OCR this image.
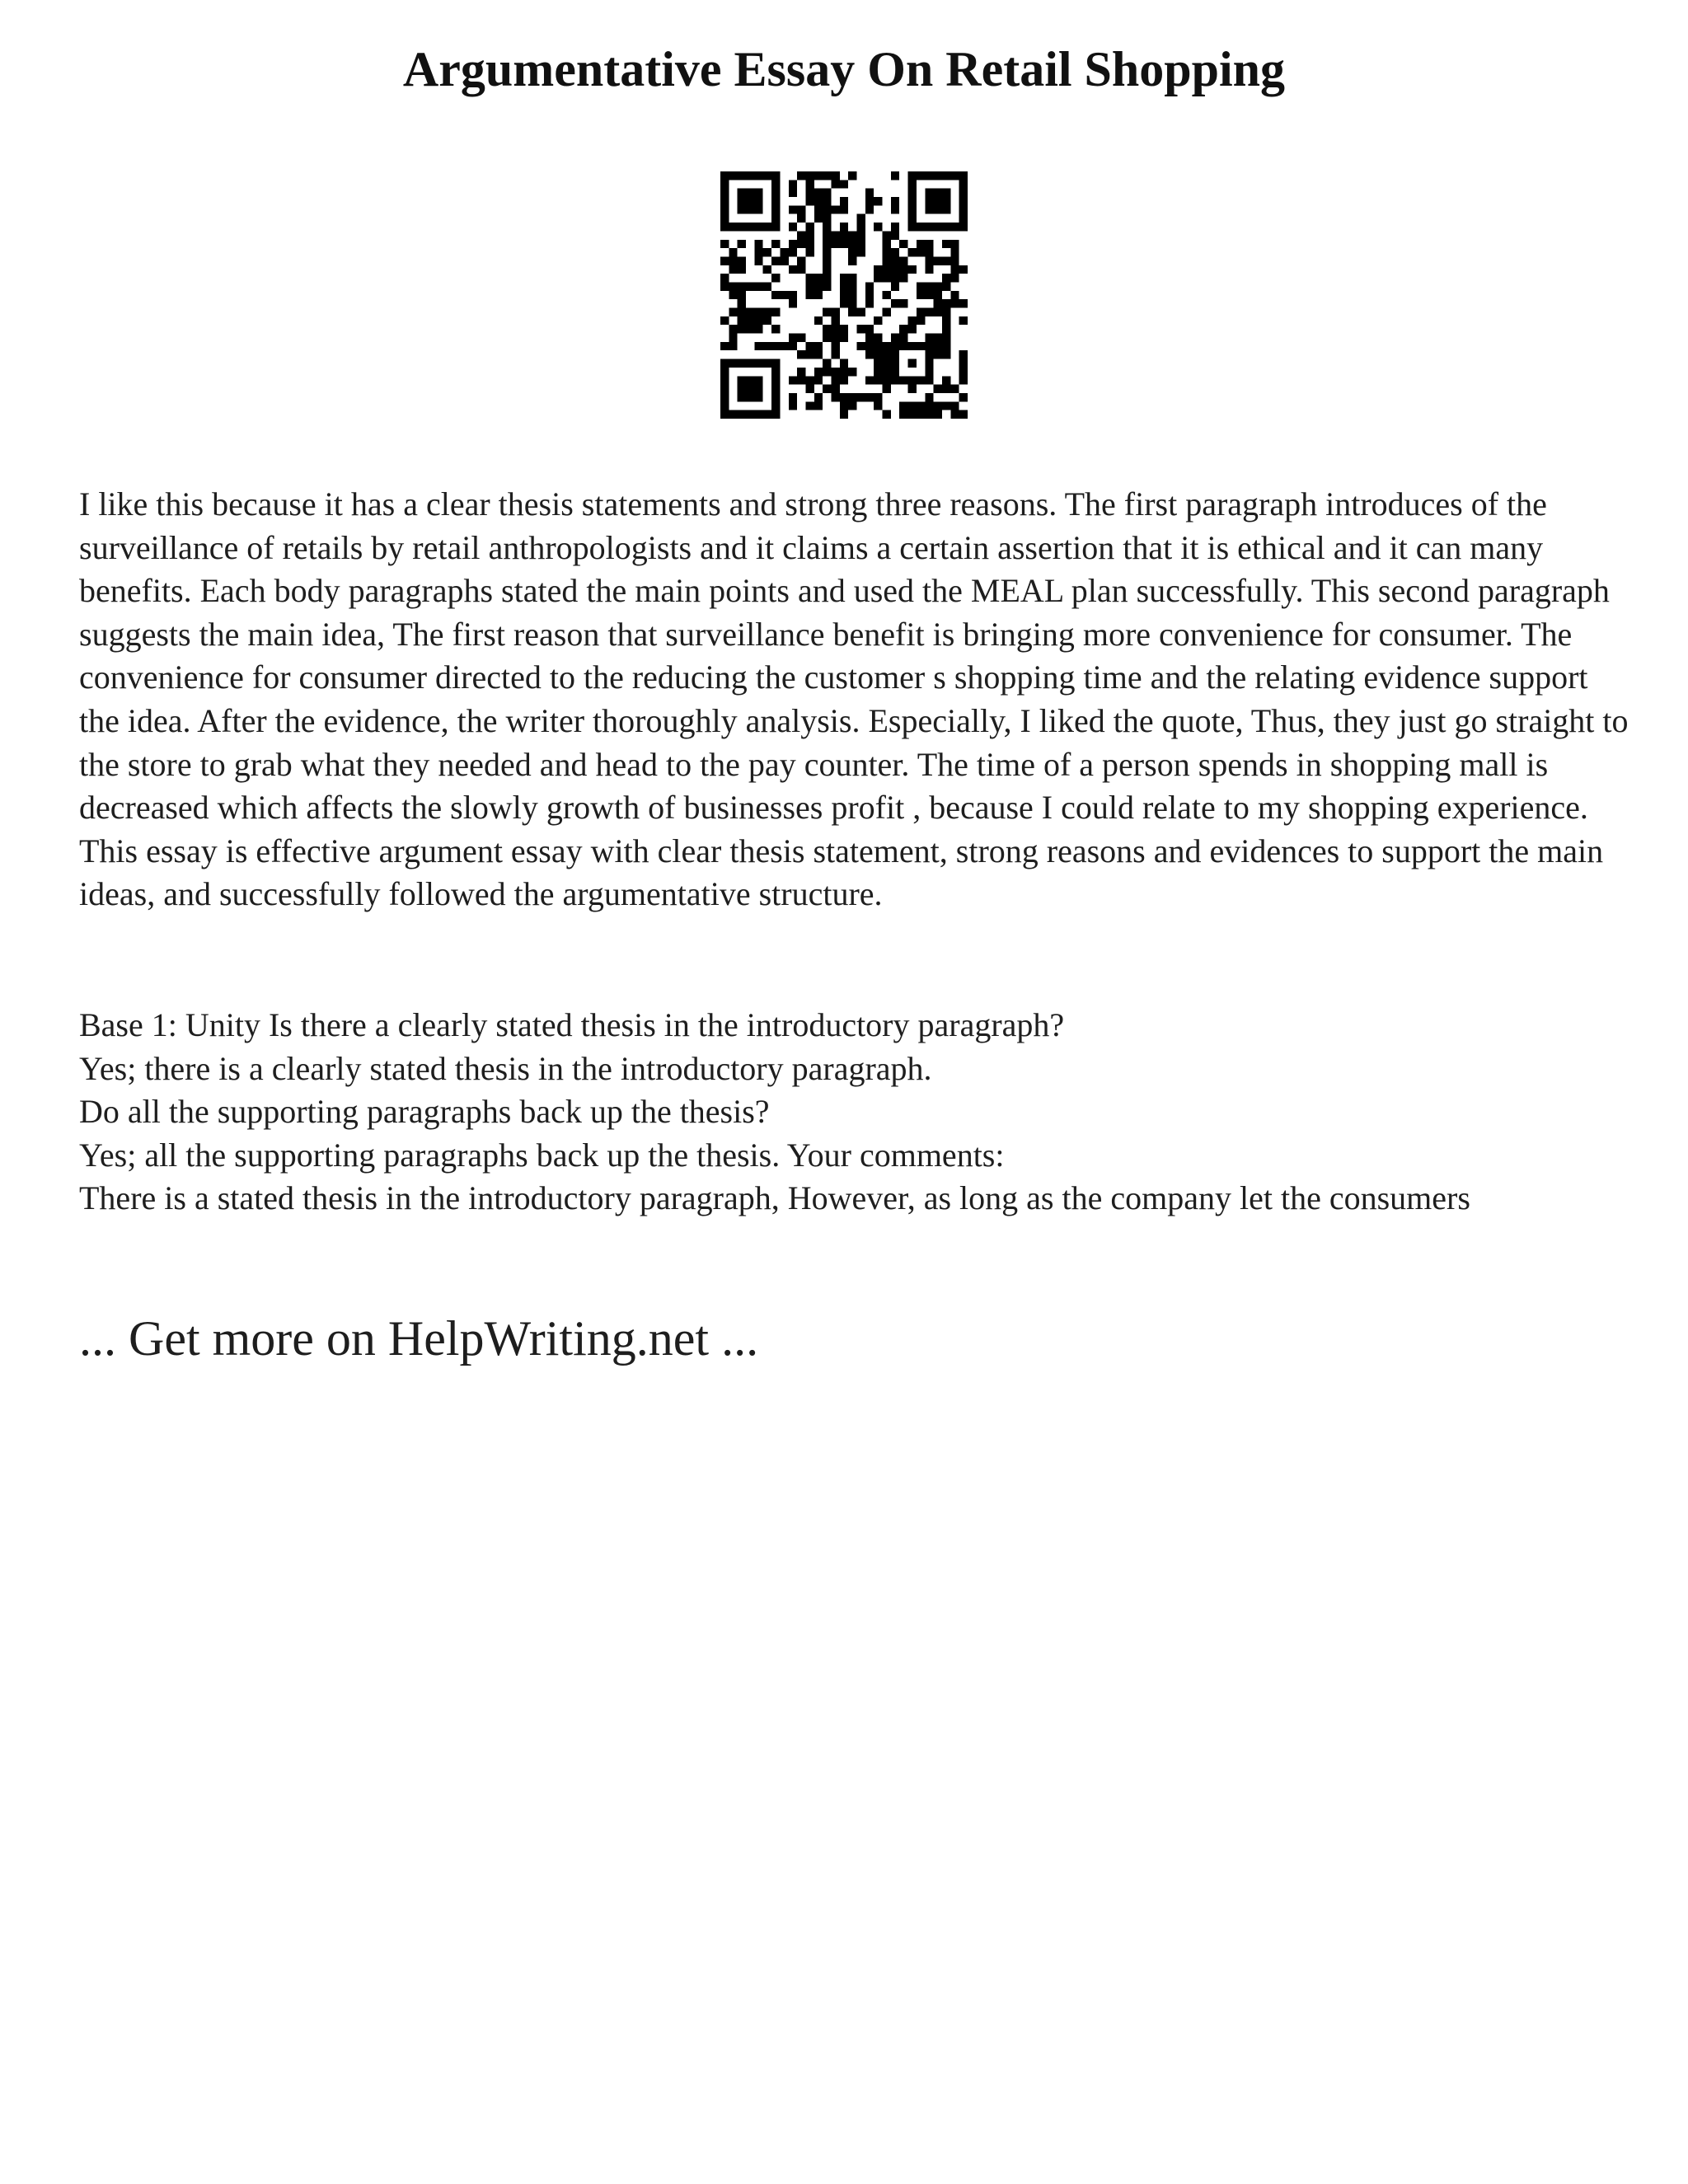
Argumentative Essay On Retail Shopping

I like this because it has a clear thesis statements and strong three reasons. The first paragraph introduces of the surveillance of retails by retail anthropologists and it claims a certain assertion that it is ethical and it can many benefits. Each body paragraphs stated the main points and used the MEAL plan successfully. This second paragraph suggests the main idea, The first reason that surveillance benefit is bringing more convenience for consumer. The convenience for consumer directed to the reducing the customer s shopping time and the relating evidence support the idea. After the evidence, the writer thoroughly analysis. Especially, I liked the quote, Thus, they just go straight to the store to grab what they needed and head to the pay counter. The time of a person spends in shopping mall is decreased which affects the slowly growth of businesses profit , because I could relate to my shopping experience. This essay is effective argument essay with clear thesis statement, strong reasons and evidences to support the main ideas, and successfully followed the argumentative structure.

Base 1: Unity Is there a clearly stated thesis in the introductory paragraph?
Yes; there is a clearly stated thesis in the introductory paragraph.
Do all the supporting paragraphs back up the thesis?
Yes; all the supporting paragraphs back up the thesis. Your comments:
There is a stated thesis in the introductory paragraph, However, as long as the company let the consumers

... Get more on HelpWriting.net ...
